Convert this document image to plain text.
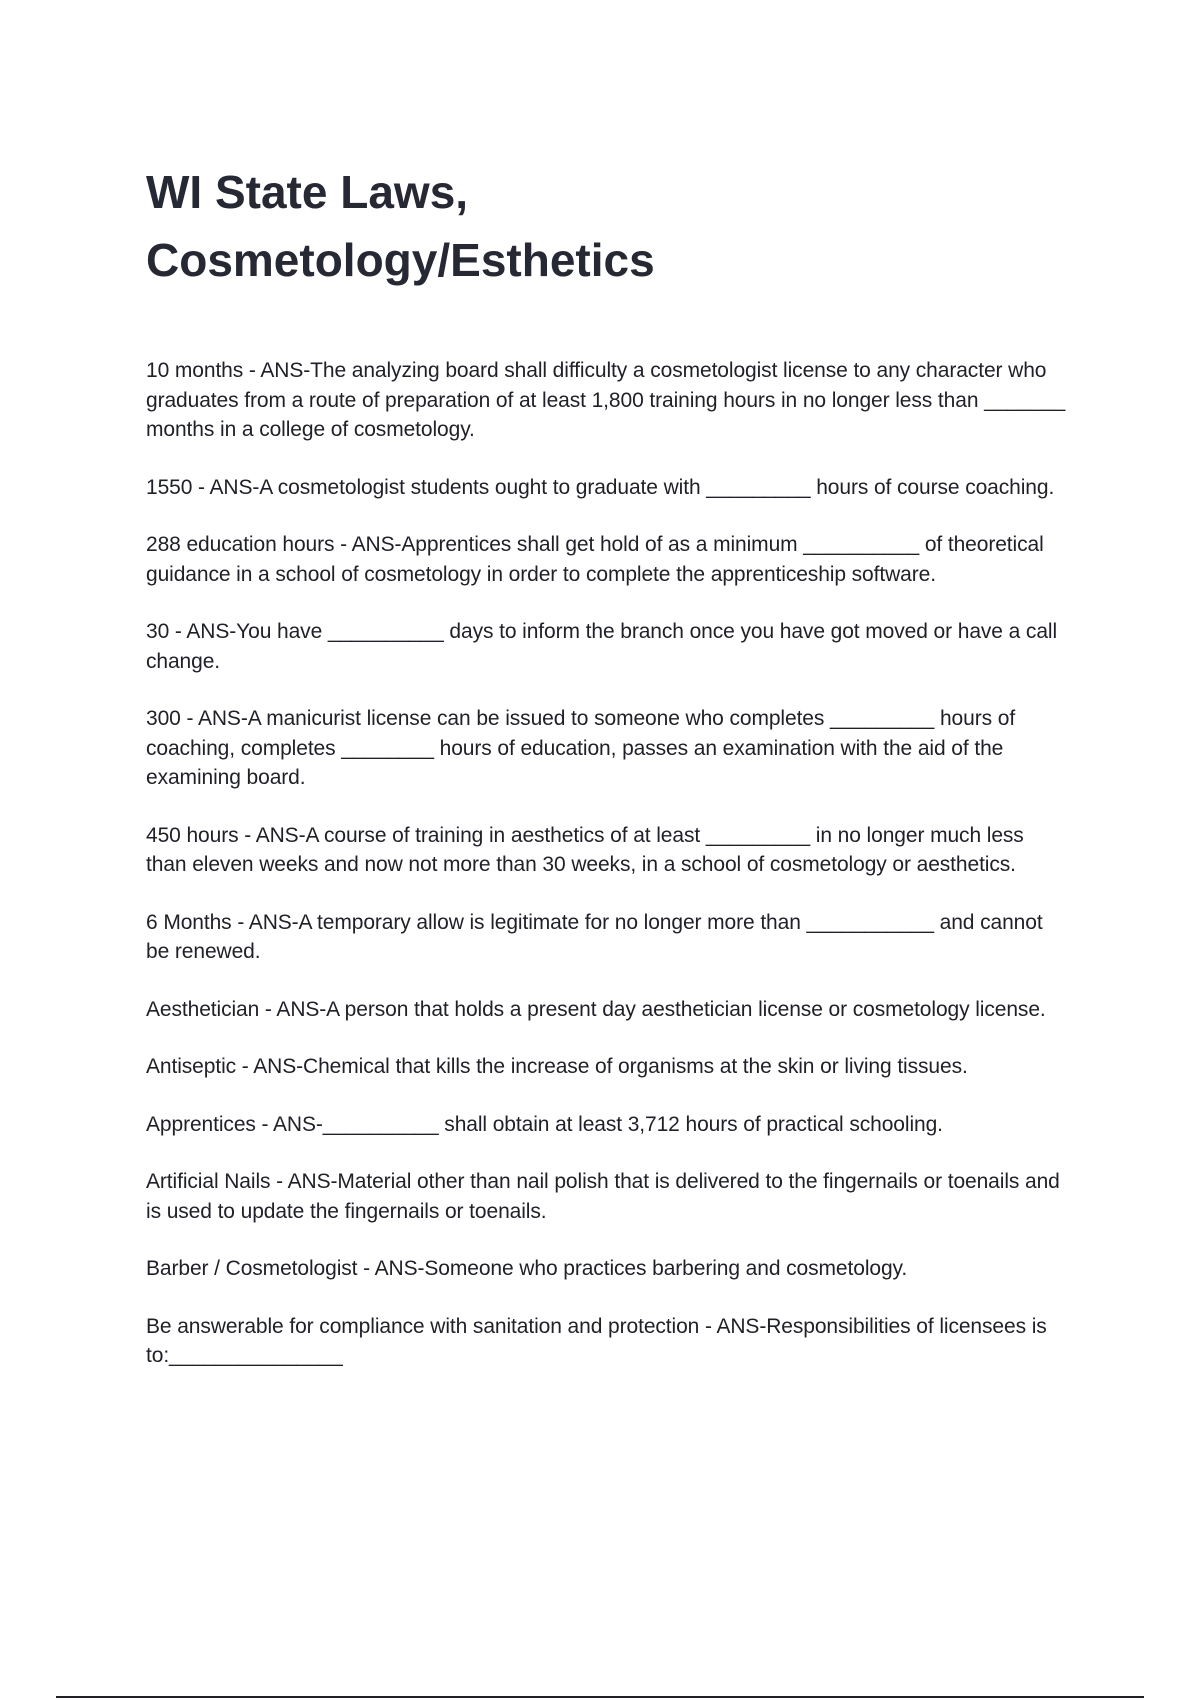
WI State Laws,
Cosmetology/Esthetics

10 months - ANS-The analyzing board shall difficulty a cosmetologist license to any character who graduates from a route of preparation of at least 1,800 training hours in no longer less than _______ months in a college of cosmetology.

1550 - ANS-A cosmetologist students ought to graduate with _________ hours of course coaching.

288 education hours - ANS-Apprentices shall get hold of as a minimum __________ of theoretical guidance in a school of cosmetology in order to complete the apprenticeship software.

30 - ANS-You have __________ days to inform the branch once you have got moved or have a call change.

300 - ANS-A manicurist license can be issued to someone who completes _________ hours of coaching, completes ________ hours of education, passes an examination with the aid of the examining board.

450 hours - ANS-A course of training in aesthetics of at least _________ in no longer much less than eleven weeks and now not more than 30 weeks, in a school of cosmetology or aesthetics.

6 Months - ANS-A temporary allow is legitimate for no longer more than ___________ and cannot be renewed.

Aesthetician - ANS-A person that holds a present day aesthetician license or cosmetology license.

Antiseptic - ANS-Chemical that kills the increase of organisms at the skin or living tissues.

Apprentices - ANS-__________ shall obtain at least 3,712 hours of practical schooling.

Artificial Nails - ANS-Material other than nail polish that is delivered to the fingernails or toenails and is used to update the fingernails or toenails.

Barber / Cosmetologist - ANS-Someone who practices barbering and cosmetology.

Be answerable for compliance with sanitation and protection - ANS-Responsibilities of licensees is to:_______________
